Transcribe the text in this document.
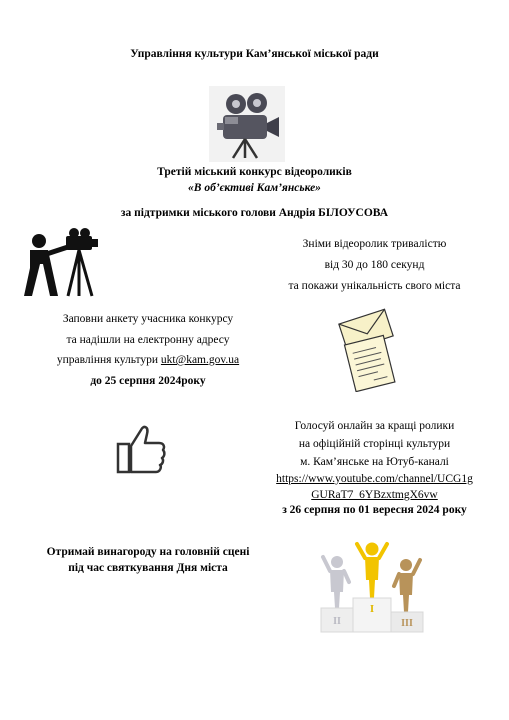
Управління культури Кам’янської міської ради
Третій міський конкурс відеороликів
«В об’єктиві Кам’янське»
за підтримки міського голови Андрія БІЛОУСОВА
Зніми відеоролик тривалістю
від 30 до 180 секунд
та покажи унікальність свого міста
Заповни анкету учасника конкурсу
та надішли на електронну адресу
управління культури ukt@kam.gov.ua
до 25 серпня 2024року
Голосуй онлайн за кращі ролики
на офіційній сторінці культури
м. Кам’янське на Ютуб-каналі
https://www.youtube.com/channel/UCG1g
GURaT7_6YBzxtmgX6vw
з 26 серпня по 01 вересня 2024 року
Отримай винагороду на головній сцені
під час святкування Дня міста
II
I
III
